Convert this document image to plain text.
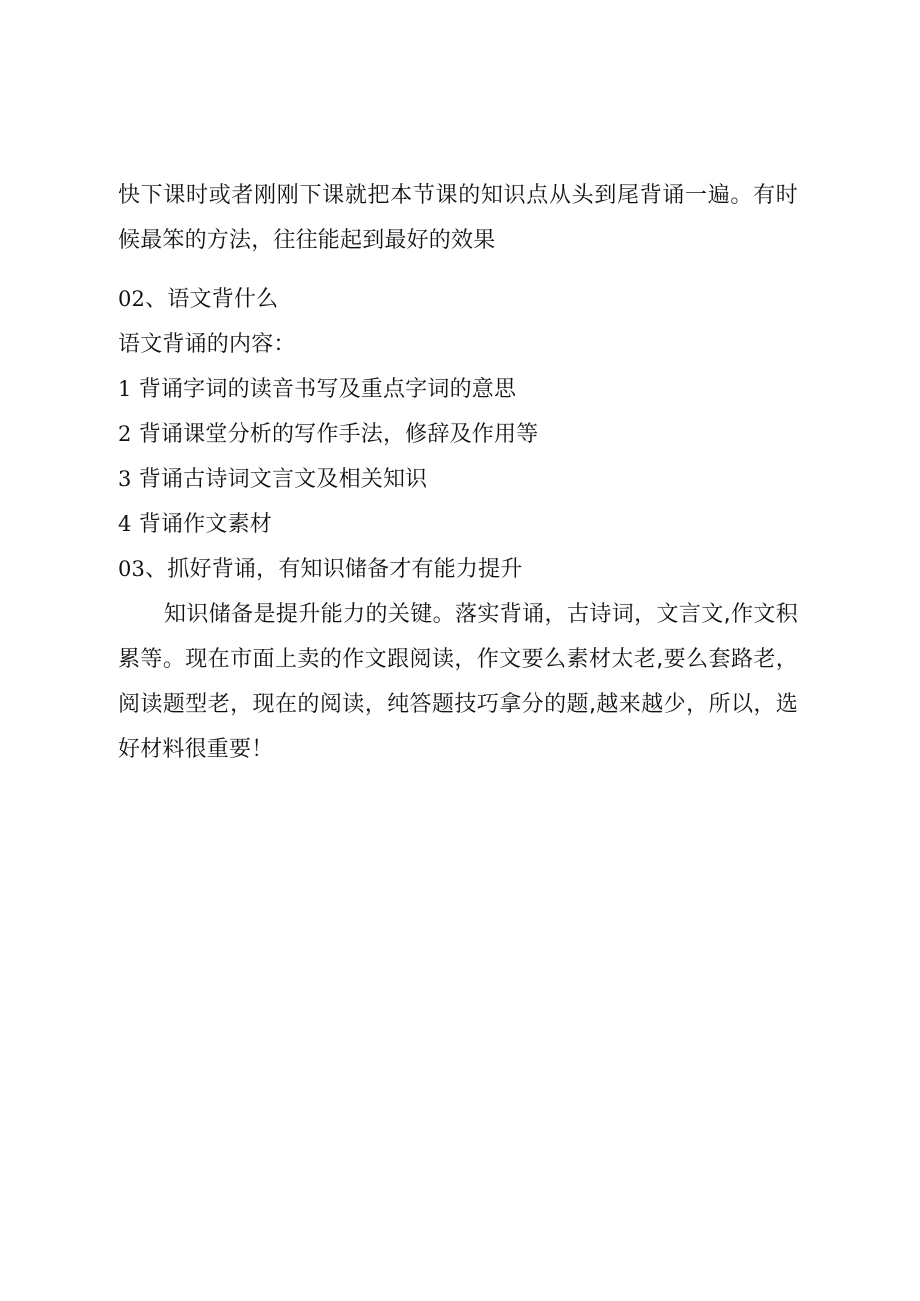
快下课时或者刚刚下课就把本节课的知识点从头到尾背诵一遍。有时候最笨的方法，往往能起到最好的效果

02、语文背什么

语文背诵的内容：

1 背诵字词的读音书写及重点字词的意思

2 背诵课堂分析的写作手法，修辞及作用等

3 背诵古诗词文言文及相关知识

4 背诵作文素材

03、抓好背诵，有知识储备才有能力提升

知识储备是提升能力的关键。落实背诵，古诗词，文言文,作文积累等。现在市面上卖的作文跟阅读，作文要么素材太老,要么套路老，阅读题型老，现在的阅读，纯答题技巧拿分的题,越来越少，所以，选好材料很重要！
